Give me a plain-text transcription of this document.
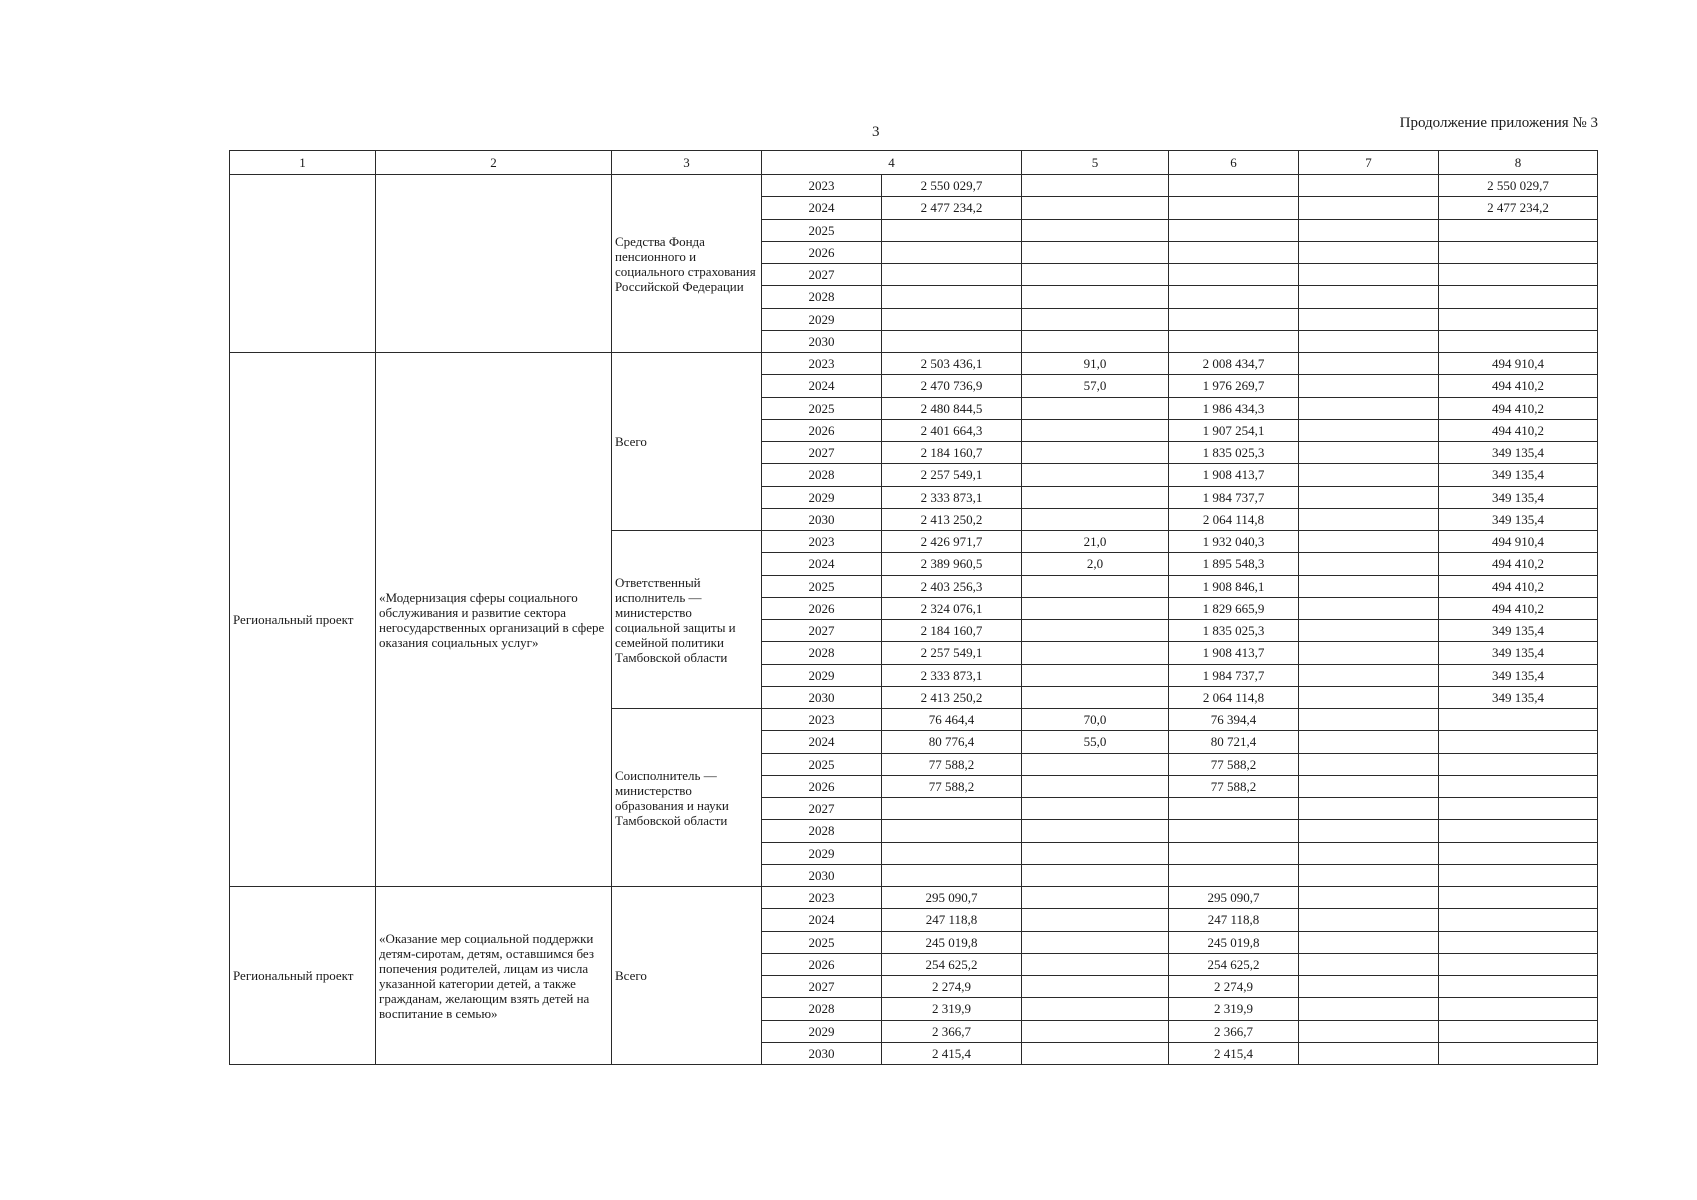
3
Продолжение приложения № 3
1	2	3	4		5	6	7	8
		Средства Фонда пенсионного и социального страхования Российской Федерации	2023	2 550 029,7				2 550 029,7
			2024	2 477 234,2				2 477 234,2
			2025					
			2026					
			2027					
			2028					
			2029					
			2030					
Региональный проект	«Модернизация сферы социального обслуживания и развитие сектора негосударственных организаций в сфере оказания социальных услуг»	Всего	2023	2 503 436,1	91,0	2 008 434,7		494 910,4
			2024	2 470 736,9	57,0	1 976 269,7		494 410,2
			2025	2 480 844,5		1 986 434,3		494 410,2
			2026	2 401 664,3		1 907 254,1		494 410,2
			2027	2 184 160,7		1 835 025,3		349 135,4
			2028	2 257 549,1		1 908 413,7		349 135,4
			2029	2 333 873,1		1 984 737,7		349 135,4
			2030	2 413 250,2		2 064 114,8		349 135,4
		Ответственный исполнитель — министерство социальной защиты и семейной политики Тамбовской области	2023	2 426 971,7	21,0	1 932 040,3		494 910,4
			2024	2 389 960,5	2,0	1 895 548,3		494 410,2
			2025	2 403 256,3		1 908 846,1		494 410,2
			2026	2 324 076,1		1 829 665,9		494 410,2
			2027	2 184 160,7		1 835 025,3		349 135,4
			2028	2 257 549,1		1 908 413,7		349 135,4
			2029	2 333 873,1		1 984 737,7		349 135,4
			2030	2 413 250,2		2 064 114,8		349 135,4
		Соисполнитель — министерство образования и науки Тамбовской области	2023	76 464,4	70,0	76 394,4		
			2024	80 776,4	55,0	80 721,4		
			2025	77 588,2		77 588,2		
			2026	77 588,2		77 588,2		
			2027					
			2028					
			2029					
			2030					
Региональный проект	«Оказание мер социальной поддержки детям-сиротам, детям, оставшимся без попечения родителей, лицам из числа указанной категории детей, а также гражданам, желающим взять детей на воспитание в семью»	Всего	2023	295 090,7		295 090,7		
			2024	247 118,8		247 118,8		
			2025	245 019,8		245 019,8		
			2026	254 625,2		254 625,2		
			2027	2 274,9		2 274,9		
			2028	2 319,9		2 319,9		
			2029	2 366,7		2 366,7		
			2030	2 415,4		2 415,4		
